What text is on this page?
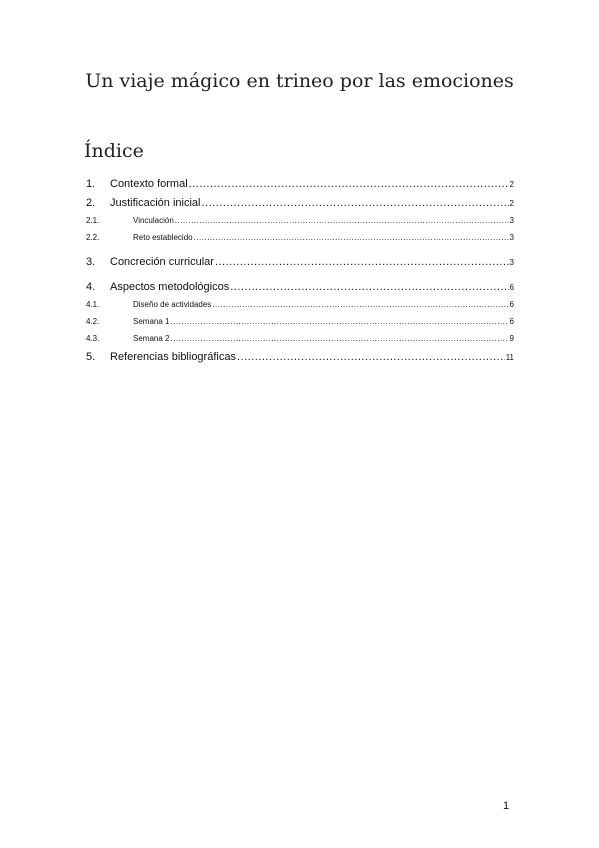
Un viaje mágico en trineo por las emociones
Índice
1.	Contexto formal .....	2
2.	Justificación inicial .....	2
2.1.	Vinculación .....	3
2.2.	Reto establecido .....	3
3.	Concreción curricular .....	3
4.	Aspectos metodológicos .....	6
4.1.	Diseño de actividades .....	6
4.2.	Semana 1 .....	6
4.3.	Semana 2 .....	9
5.	Referencias bibliográficas .....	11
1
